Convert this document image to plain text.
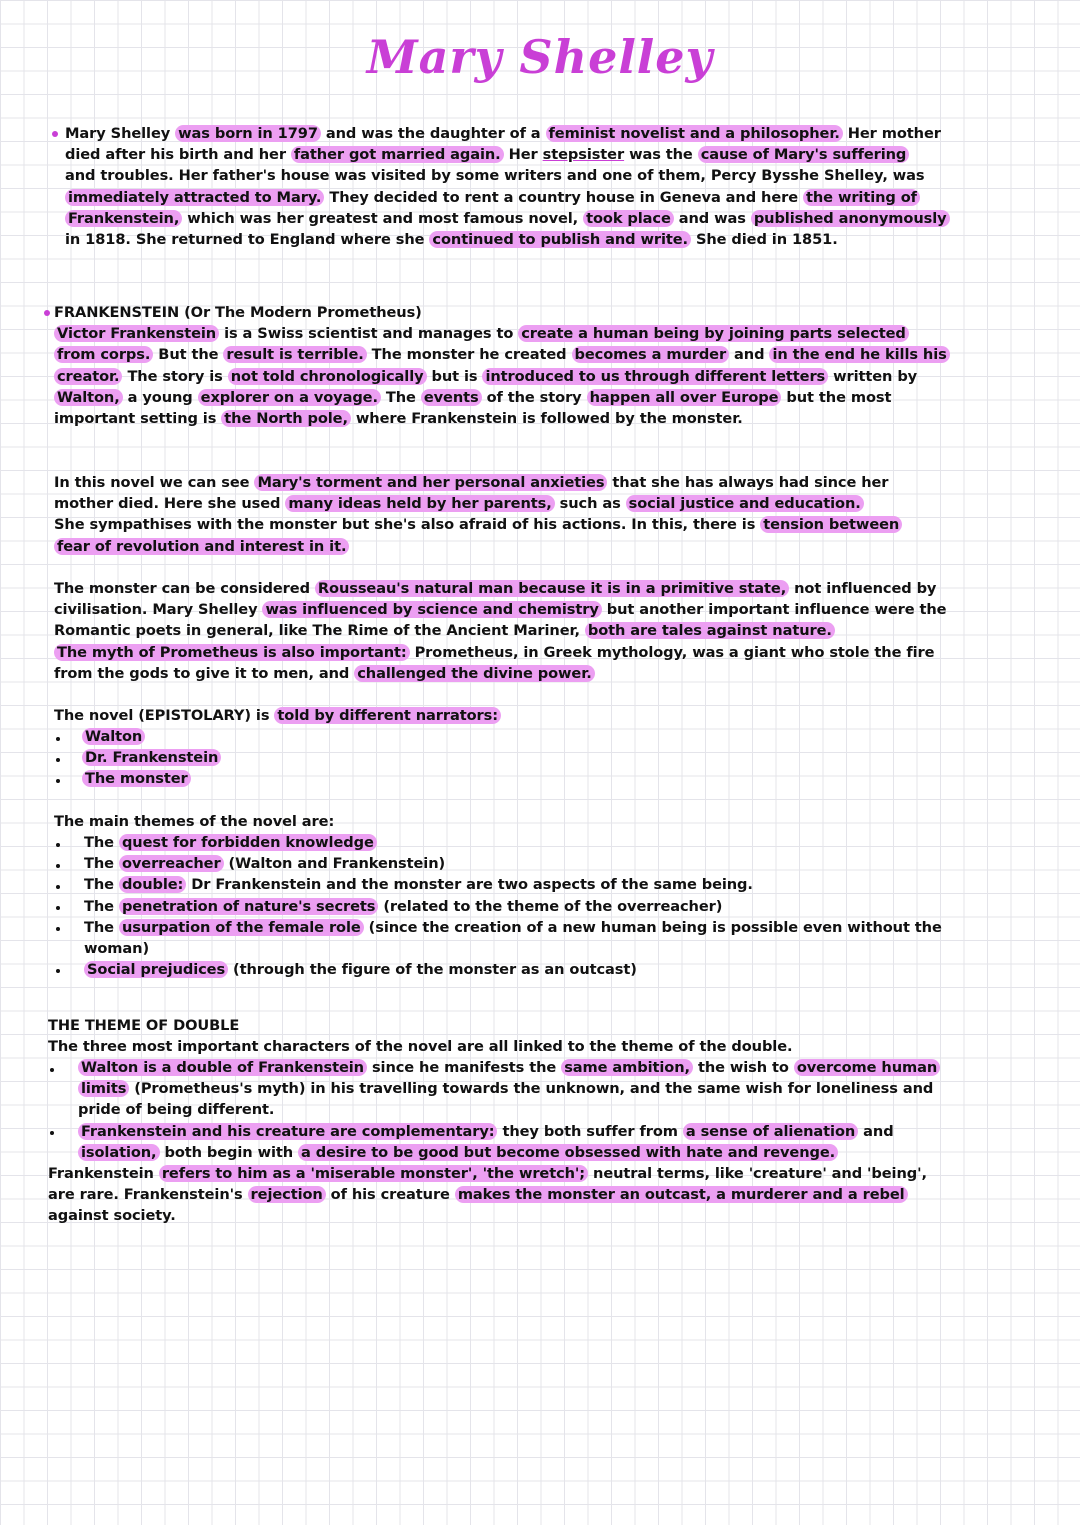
Mary Shelley
Mary Shelley was born in 1797 and was the daughter of a feminist novelist and a philosopher. Her mother
died after his birth and her father got married again. Her stepsister was the cause of Mary's suffering
and troubles. Her father's house was visited by some writers and one of them, Percy Bysshe Shelley, was
immediately attracted to Mary. They decided to rent a country house in Geneva and here the writing of
Frankenstein, which was her greatest and most famous novel, took place and was published anonymously
in 1818. She returned to England where she continued to publish and write. She died in 1851.
FRANKENSTEIN (Or The Modern Prometheus)
Victor Frankenstein is a Swiss scientist and manages to create a human being by joining parts selected
from corps. But the result is terrible. The monster he created becomes a murder and in the end he kills his
creator. The story is not told chronologically but is introduced to us through different letters written by
Walton, a young explorer on a voyage. The events of the story happen all over Europe but the most
important setting is the North pole, where Frankenstein is followed by the monster.
In this novel we can see Mary's torment and her personal anxieties that she has always had since her
mother died. Here she used many ideas held by her parents, such as social justice and education.
She sympathises with the monster but she's also afraid of his actions. In this, there is tension between
fear of revolution and interest in it.
The monster can be considered Rousseau's natural man because it is in a primitive state, not influenced by
civilisation. Mary Shelley was influenced by science and chemistry but another important influence were the
Romantic poets in general, like The Rime of the Ancient Mariner, both are tales against nature.
The myth of Prometheus is also important: Prometheus, in Greek mythology, was a giant who stole the fire
from the gods to give it to men, and challenged the divine power.
The novel (EPISTOLARY) is told by different narrators:
Walton
Dr. Frankenstein
The monster
The main themes of the novel are:
The quest for forbidden knowledge
The overreacher (Walton and Frankenstein)
The double: Dr Frankenstein and the monster are two aspects of the same being.
The penetration of nature's secrets (related to the theme of the overreacher)
The usurpation of the female role (since the creation of a new human being is possible even without the
woman)
Social prejudices (through the figure of the monster as an outcast)
THE THEME OF DOUBLE
The three most important characters of the novel are all linked to the theme of the double.
Walton is a double of Frankenstein since he manifests the same ambition, the wish to overcome human
limits (Prometheus's myth) in his travelling towards the unknown, and the same wish for loneliness and
pride of being different.
Frankenstein and his creature are complementary: they both suffer from a sense of alienation and
isolation, both begin with a desire to be good but become obsessed with hate and revenge.
Frankenstein refers to him as a 'miserable monster', 'the wretch'; neutral terms, like 'creature' and 'being',
are rare. Frankenstein's rejection of his creature makes the monster an outcast, a murderer and a rebel
against society.
